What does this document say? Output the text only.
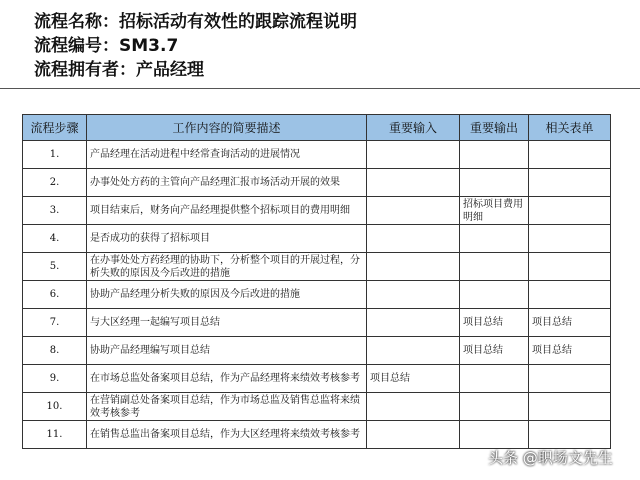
流程名称：招标活动有效性的跟踪流程说明
流程编号：SM3.7
流程拥有者：产品经理
流程步骤	工作内容的简要描述	重要输入	重要输出	相关表单
1.	产品经理在活动进程中经常查询活动的进展情况			
2.	办事处处方药的主管向产品经理汇报市场活动开展的效果			
3.	项目结束后，财务向产品经理提供整个招标项目的费用明细		招标项目费用明细	
4.	是否成功的获得了招标项目			
5.	在办事处处方药经理的协助下，分析整个项目的开展过程，分析失败的原因及今后改进的措施			
6.	协助产品经理分析失败的原因及今后改进的措施			
7.	与大区经理一起编写项目总结		项目总结	项目总结
8.	协助产品经理编写项目总结		项目总结	项目总结
9.	在市场总监处备案项目总结，作为产品经理将来绩效考核参考	项目总结		
10.	在营销副总处备案项目总结，作为市场总监及销售总监将来绩效考核参考			
11.	在销售总监出备案项目总结，作为大区经理将来绩效考核参考			
头条 @职场文先生
